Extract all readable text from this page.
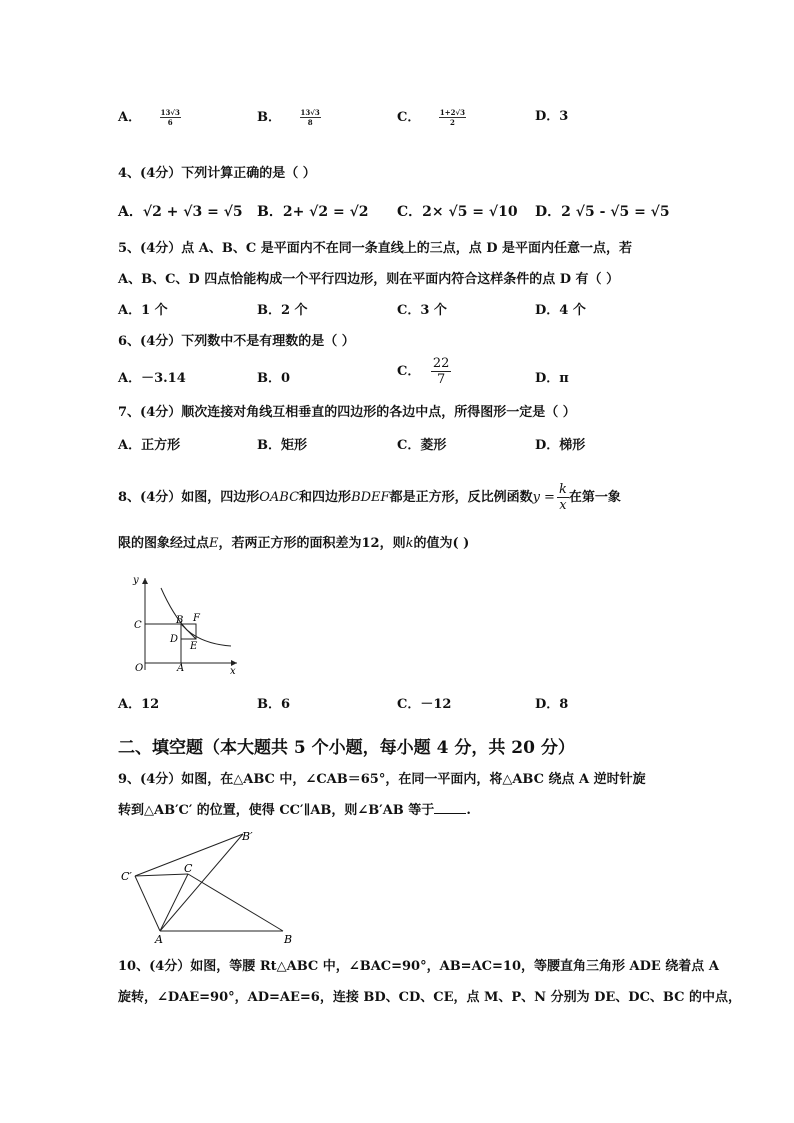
A．	$\frac{13√3}{6}$	B．	$\frac{13√3}{8}$	C．	$\frac{1+2√3}{2}$	D．3
4、(4分）下列计算正确的是（ ）
A．√2 + √3 = √5 B．2+ √2 = √2 C．2× √5 = √10 D．2 √5 - √5 = √5
5、(4分）点 A、B、C 是平面内不在同一条直线上的三点，点 D 是平面内任意一点，若
A、B、C、D 四点恰能构成一个平行四边形，则在平面内符合这样条件的点 D 有（ ）
A．1 个	B．2 个	C．3 个	D．4 个
6、(4分）下列数中不是有理数的是（ ）
A．－3.14	B．0	C． $\frac{22}{7}$	D．π
7、(4分）顺次连接对角线互相垂直的四边形的各边中点，所得图形一定是（ ）
A．正方形	B．矩形	C．菱形	D．梯形
8、(4分）如图，四边形OABC和四边形BDEF都是正方形，反比例函数$y = \frac{k}{x}$ 在第一象
限的图象经过点E，若两正方形的面积差为12，则k的值为( )
y
x
O
C
A
B F
D
E
A．12	B．6	C．－12	D．8
二、填空题（本大题共 5 个小题，每小题 4 分，共 20 分）
9、(4分）如图，在△ABC 中，∠CAB＝65°，在同一平面内，将△ABC 绕点 A 逆时针旋
转到△AB′C′ 的位置，使得 CC′∥AB，则∠B′AB 等于 .
B′
C′
C
A	B
10、(4分）如图，等腰 Rt△ABC 中，∠BAC=90°，AB=AC=10，等腰直角三角形 ADE 绕着点 A
旋转，∠DAE=90°，AD=AE=6，连接 BD、CD、CE，点 M、P、N 分别为 DE、DC、BC 的中点，
